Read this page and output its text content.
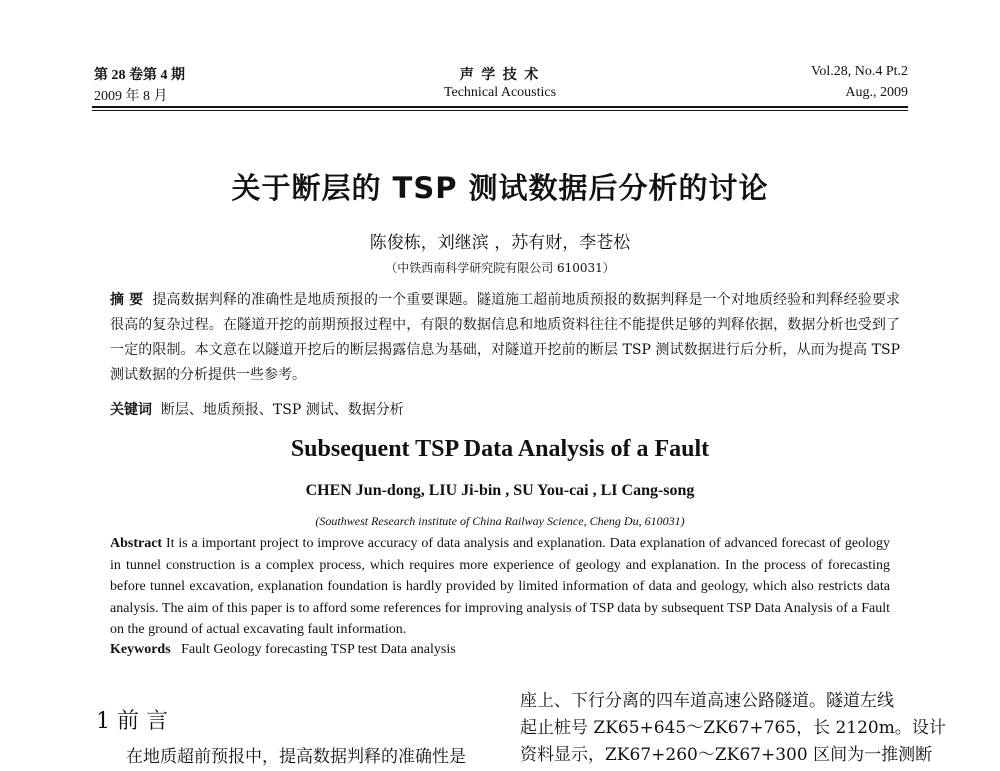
第 28 卷第 4 期
2009 年 8 月
声 学 技 术
Technical Acoustics
Vol.28, No.4 Pt.2
Aug., 2009
关于断层的 TSP 测试数据后分析的讨论
陈俊栋，刘继滨 ，苏有财，李苍松
（中铁西南科学研究院有限公司 610031）
摘 要 提高数据判释的准确性是地质预报的一个重要课题。隧道施工超前地质预报的数据判释是一个对地质经验和判释经验要求很高的复杂过程。在隧道开挖的前期预报过程中，有限的数据信息和地质资料往往不能提供足够的判释依据，数据分析也受到了一定的限制。本文意在以隧道开挖后的断层揭露信息为基础，对隧道开挖前的断层 TSP 测试数据进行后分析，从而为提高 TSP 测试数据的分析提供一些参考。
关键词 断层、地质预报、TSP 测试、数据分析
Subsequent TSP Data Analysis of a Fault
CHEN Jun-dong, LIU Ji-bin , SU You-cai , LI Cang-song
(Southwest Research institute of China Railway Science, Cheng Du, 610031)
Abstract It is a important project to improve accuracy of data analysis and explanation. Data explanation of advanced forecast of geology in tunnel construction is a complex process, which requires more experience of geology and explanation. In the process of forecasting before tunnel excavation, explanation foundation is hardly provided by limited information of data and geology, which also restricts data analysis. The aim of this paper is to afford some references for improving analysis of TSP data by subsequent TSP Data Analysis of a Fault on the ground of actual excavating fault information.
Keywords Fault Geology forecasting TSP test Data analysis
1 前 言
在地质超前预报中，提高数据判释的准确性是
座上、下行分离的四车道高速公路隧道。隧道左线
起止桩号 ZK65+645～ZK67+765，长 2120m。设计
资料显示，ZK67+260～ZK67+300 区间为一推测断
